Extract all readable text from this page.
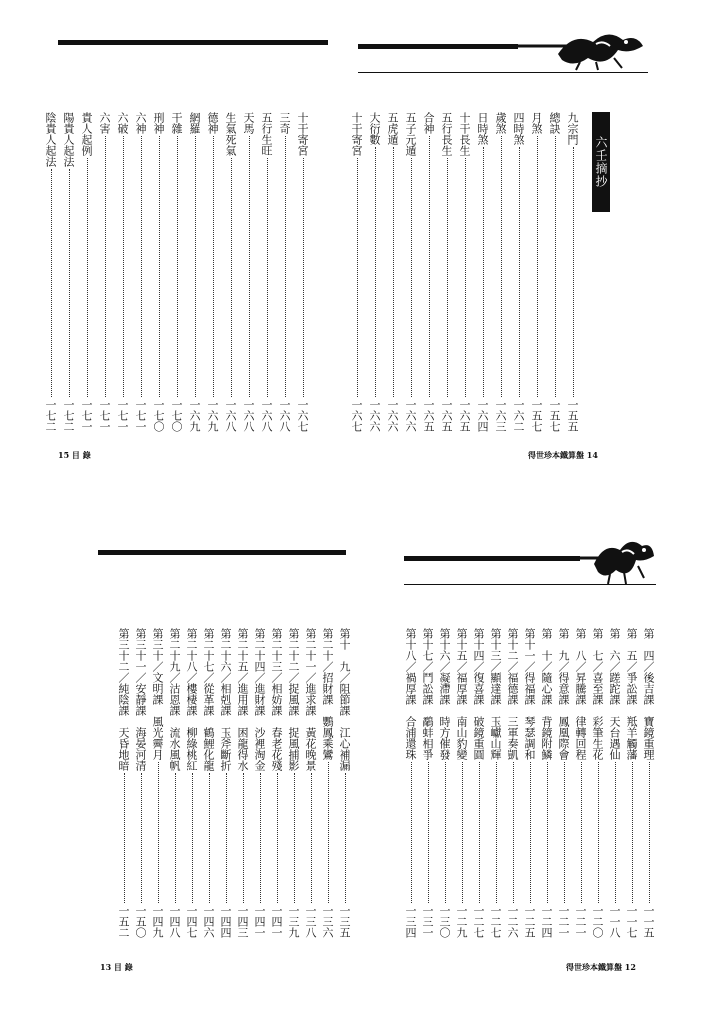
六壬摘抄
九宗門
一五五
總訣
一五七
月煞
一五七
四時煞
一六二
歲煞
一六三
日時煞
一六四
十干長生
一六五
五行長生
一六五
合神
一六五
五子元遁
一六六
五虎遁
一六六
大衍數
一六六
十干寄宮
一六七
得世珍本鐵算盤 14
十干寄宮
一六七
三奇
一六八
五行生旺
一六八
天馬
一六八
生氣死氣
一六八
德神
一六九
網羅
一六九
干雜
一七〇
刑神
一七〇
六神
一七一
六破
一七一
六害
一七一
貴人起例
一七一
陽貴人起法
一七二
陰貴人起法
一七二
15 目 錄
第　四／後吉課　寶鏡重理
一一五
第　五／爭訟課　羝羊觸藩
一一七
第　六／蹉跎課　天台遇仙
一一八
第　七／喜至課　彩筆生花
一二〇
第　八／昇騰課　律轉回程
一二一
第　九／得意課　鳳凰際會
一二一
第　十／隨心課　背鏡附鱗
一二四
第十一／得福課　琴瑟調和
一二五
第十二／福德課　三軍奏凱
一二六
第十三／顯達課　玉巘山輝
一二七
第十四／復喜課　破鏡重圓
一二七
第十五／福厚課　南山豹變
一二九
第十六／凝滯課　時方催發
一三〇
第十七／鬥訟課　鷸蚌相爭
一三一
第十八／禍厚課　合浦還珠
一三四
得世珍本鐵算盤 12
第十　九／阻節課　江心補漏
一三五
第二十／招財課　鸚鳳乘鸞
一三六
第二十一／進求課　黃花晚景
一三八
第二十二／捉風課　捉風捕影
一三九
第二十三／相妨課　春老花殘
一四一
第二十四／進財課　沙裡淘金
一四一
第二十五／進用課　困龍得水
一四三
第二十六／相剋課　玉斧斷折
一四四
第二十七／從革課　鶴鯉化龍
一四六
第二十八／樓棲課　柳綠桃紅
一四七
第二十九／沽恩課　流水風帆
一四八
第三十／文明課　風光霽月
一四九
第三十一／安靜課　海晏河清
一五〇
第三十二／純陰課　天昏地暗
一五二
13 目 錄
